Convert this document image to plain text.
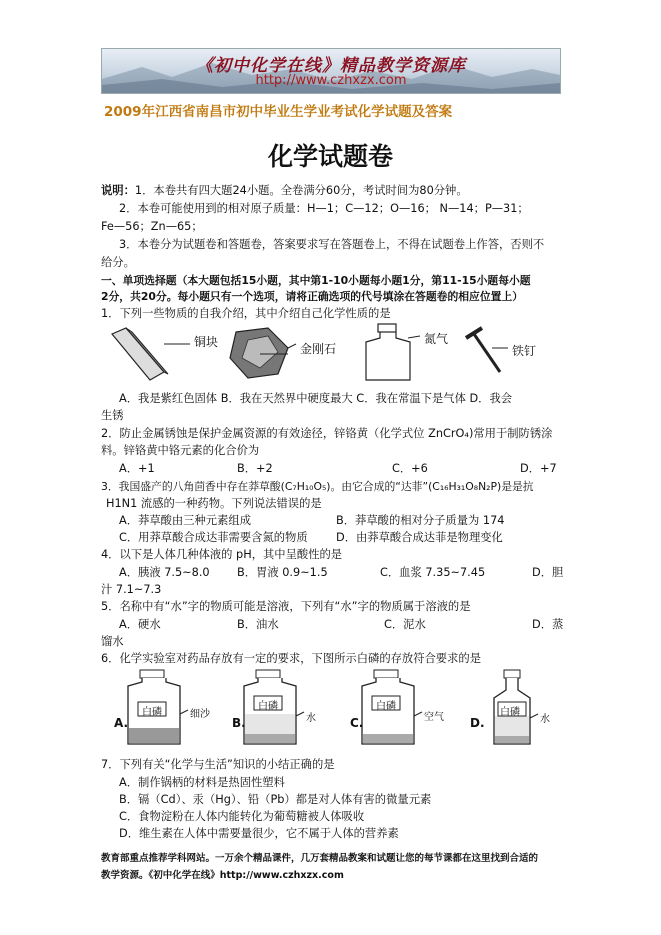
《初中化学在线》精品教学资源库
http://www.czhxzx.com
2009年江西省南昌市初中毕业生学业考试化学试题及答案
化学试题卷
说明：1．本卷共有四大题24小题。全卷满分60分，考试时间为80分钟。
2．本卷可能使用到的相对原子质量：H—1；C—12；O—16； N—14；P—31；
Fe—56；Zn—65；
3．本卷分为试题卷和答题卷，答案要求写在答题卷上，不得在试题卷上作答，否则不
给分。
一、单项选择题（本大题包括15小题，其中第1-10小题每小题1分，第11-15小题每小题
2分，共20分。每小题只有一个选项，请将正确选项的代号填涂在答题卷的相应位置上）
1．下列一些物质的自我介绍，其中介绍自己化学性质的是
铜块	金刚石
氮气
铁钉
A．我是紫红色固体 B．我在天然界中硬度最大 C．我在常温下是气体 D．我会
生锈
2．防止金属锈蚀是保护金属资源的有效途径，锌铬黄（化学式位 ZnCrO₄)常用于制防锈涂
料。锌铬黄中铬元素的化合价为
A．+1	B．+2	C．+6	D．+7
3．我国盛产的八角茴香中存在莽草酸(C₇H₁₀O₅)。由它合成的“达菲”(C₁₆H₃₁O₈N₂P)是是抗
H1N1 流感的一种药物。下列说法错误的是
A．莽草酸由三种元素组成	B．莽草酸的相对分子质量为 174
C．用莽草酸合成达菲需要含氮的物质	D．由莽草酸合成达菲是物理变化
4．以下是人体几种体液的 pH，其中呈酸性的是
A．胰液 7.5~8.0 B．胃液 0.9~1.5	C．血浆 7.35~7.45	D．胆
汁 7.1~7.3
5．名称中有“水”字的物质可能是溶液，下列有“水”字的物质属于溶液的是
A．硬水	B．油水	C．泥水	D．蒸
馏水
6．化学实验室对药品存放有一定的要求，下图所示白磷的存放符合要求的是
A.
白磷	细沙
B.
白磷
水	C.
白磷
空气 D.
白磷
水
7．下列有关“化学与生活”知识的小结正确的是
A．制作锅柄的材料是热固性塑料
B．镉（Cd）、汞（Hg）、铅（Pb）都是对人体有害的微量元素
C．食物淀粉在人体内能转化为葡萄糖被人体吸收
D．维生素在人体中需要量很少，它不属于人体的营养素
教育部重点推荐学科网站。一万余个精品课件，几万套精品教案和试题让您的每节课都在这里找到合适的
教学资源。《初中化学在线》http://www.czhxzx.com
